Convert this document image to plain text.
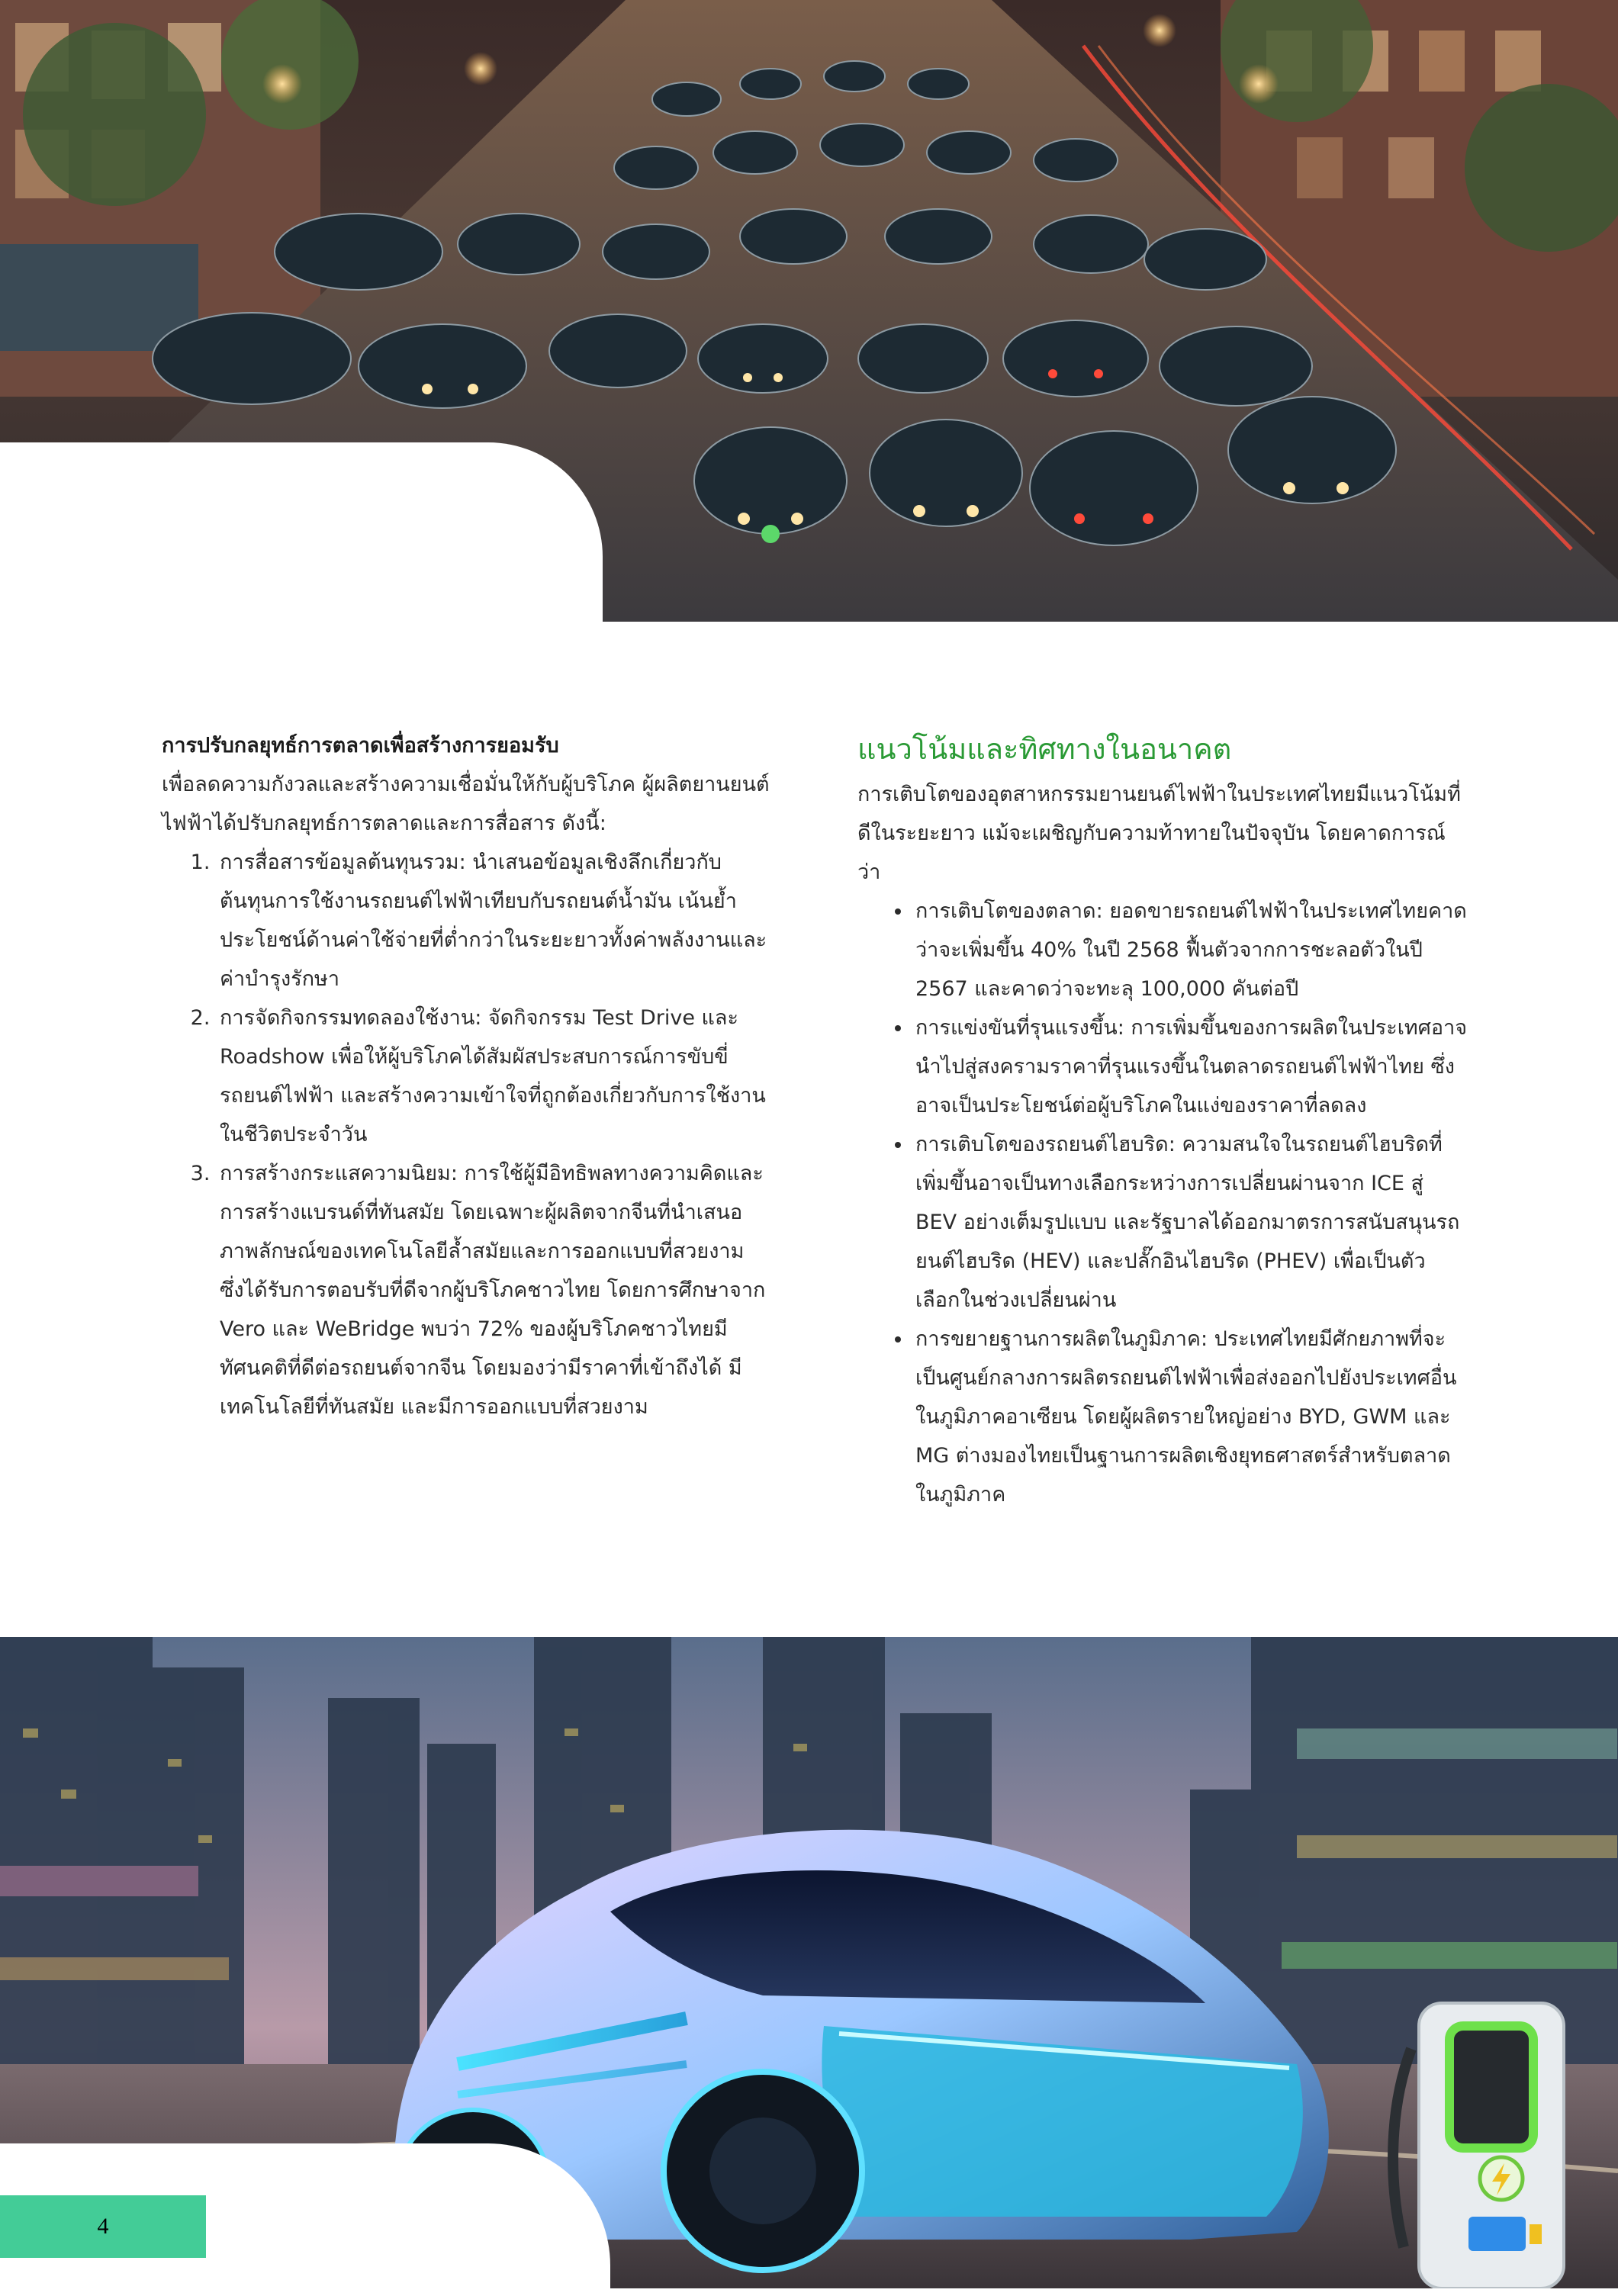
การปรับกลยุทธ์การตลาดเพื่อสร้างการยอมรับ

เพื่อลดความกังวลและสร้างความเชื่อมั่นให้กับผู้บริโภค ผู้ผลิตยานยนต์ไฟฟ้าได้ปรับกลยุทธ์การตลาดและการสื่อสาร ดังนี้:

1. การสื่อสารข้อมูลต้นทุนรวม: นำเสนอข้อมูลเชิงลึกเกี่ยวกับต้นทุนการใช้งานรถยนต์ไฟฟ้าเทียบกับรถยนต์น้ำมัน เน้นย้ำประโยชน์ด้านค่าใช้จ่ายที่ต่ำกว่าในระยะยาวทั้งค่าพลังงานและค่าบำรุงรักษา
2. การจัดกิจกรรมทดลองใช้งาน: จัดกิจกรรม Test Drive และ Roadshow เพื่อให้ผู้บริโภคได้สัมผัสประสบการณ์การขับขี่รถยนต์ไฟฟ้า และสร้างความเข้าใจที่ถูกต้องเกี่ยวกับการใช้งานในชีวิตประจำวัน
3. การสร้างกระแสความนิยม: การใช้ผู้มีอิทธิพลทางความคิดและการสร้างแบรนด์ที่ทันสมัย โดยเฉพาะผู้ผลิตจากจีนที่นำเสนอภาพลักษณ์ของเทคโนโลยีล้ำสมัยและการออกแบบที่สวยงาม ซึ่งได้รับการตอบรับที่ดีจากผู้บริโภคชาวไทย โดยการศึกษาจาก Vero และ WeBridge พบว่า 72% ของผู้บริโภคชาวไทยมีทัศนคติที่ดีต่อรถยนต์จากจีน โดยมองว่ามีราคาที่เข้าถึงได้ มีเทคโนโลยีที่ทันสมัย และมีการออกแบบที่สวยงาม
แนวโน้มและทิศทางในอนาคต

การเติบโตของอุตสาหกรรมยานยนต์ไฟฟ้าในประเทศไทยมีแนวโน้มที่ดีในระยะยาว แม้จะเผชิญกับความท้าทายในปัจจุบัน โดยคาดการณ์ว่า

• การเติบโตของตลาด: ยอดขายรถยนต์ไฟฟ้าในประเทศไทยคาดว่าจะเพิ่มขึ้น 40% ในปี 2568 ฟื้นตัวจากการชะลอตัวในปี 2567 และคาดว่าจะทะลุ 100,000 คันต่อปี
• การแข่งขันที่รุนแรงขึ้น: การเพิ่มขึ้นของการผลิตในประเทศอาจนำไปสู่สงครามราคาที่รุนแรงขึ้นในตลาดรถยนต์ไฟฟ้าไทย ซึ่งอาจเป็นประโยชน์ต่อผู้บริโภคในแง่ของราคาที่ลดลง
• การเติบโตของรถยนต์ไฮบริด: ความสนใจในรถยนต์ไฮบริดที่เพิ่มขึ้นอาจเป็นทางเลือกระหว่างการเปลี่ยนผ่านจาก ICE สู่ BEV อย่างเต็มรูปแบบ และรัฐบาลได้ออกมาตรการสนับสนุนรถยนต์ไฮบริด (HEV) และปลั๊กอินไฮบริด (PHEV) เพื่อเป็นตัวเลือกในช่วงเปลี่ยนผ่าน
• การขยายฐานการผลิตในภูมิภาค: ประเทศไทยมีศักยภาพที่จะเป็นศูนย์กลางการผลิตรถยนต์ไฟฟ้าเพื่อส่งออกไปยังประเทศอื่นในภูมิภาคอาเซียน โดยผู้ผลิตรายใหญ่อย่าง BYD, GWM และ MG ต่างมองไทยเป็นฐานการผลิตเชิงยุทธศาสตร์สำหรับตลาดในภูมิภาค
4
